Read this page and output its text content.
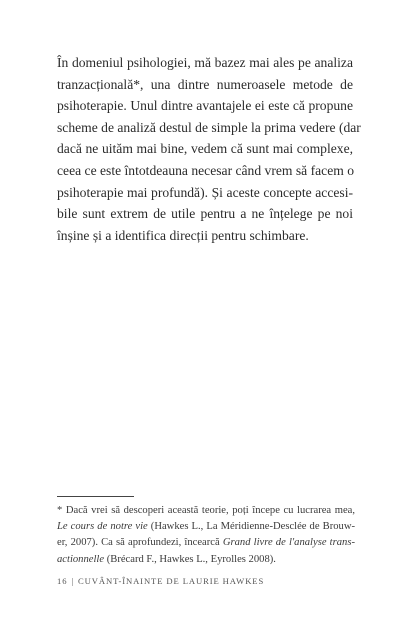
În domeniul psihologiei, mă bazez mai ales pe analiza
tranzacțională*, una dintre numeroasele metode de
psihoterapie. Unul dintre avantajele ei este că propune
scheme de analiză destul de simple la prima vedere (dar
dacă ne uităm mai bine, vedem că sunt mai complexe,
ceea ce este întotdeauna necesar când vrem să facem o
psihoterapie mai profundă). Și aceste concepte accesi-
bile sunt extrem de utile pentru a ne înțelege pe noi
înșine și a identifica direcții pentru schimbare.
* Dacă vrei să descoperi această teorie, poți începe cu lucrarea mea,
Le cours de notre vie (Hawkes L., La Méridienne-Desclée de Brouw-
er, 2007). Ca să aprofundezi, încearcă Grand livre de l'analyse trans-
actionnelle (Brécard F., Hawkes L., Eyrolles 2008).
16 | CUVÂNT-ÎNAINTE DE LAURIE HAWKES
